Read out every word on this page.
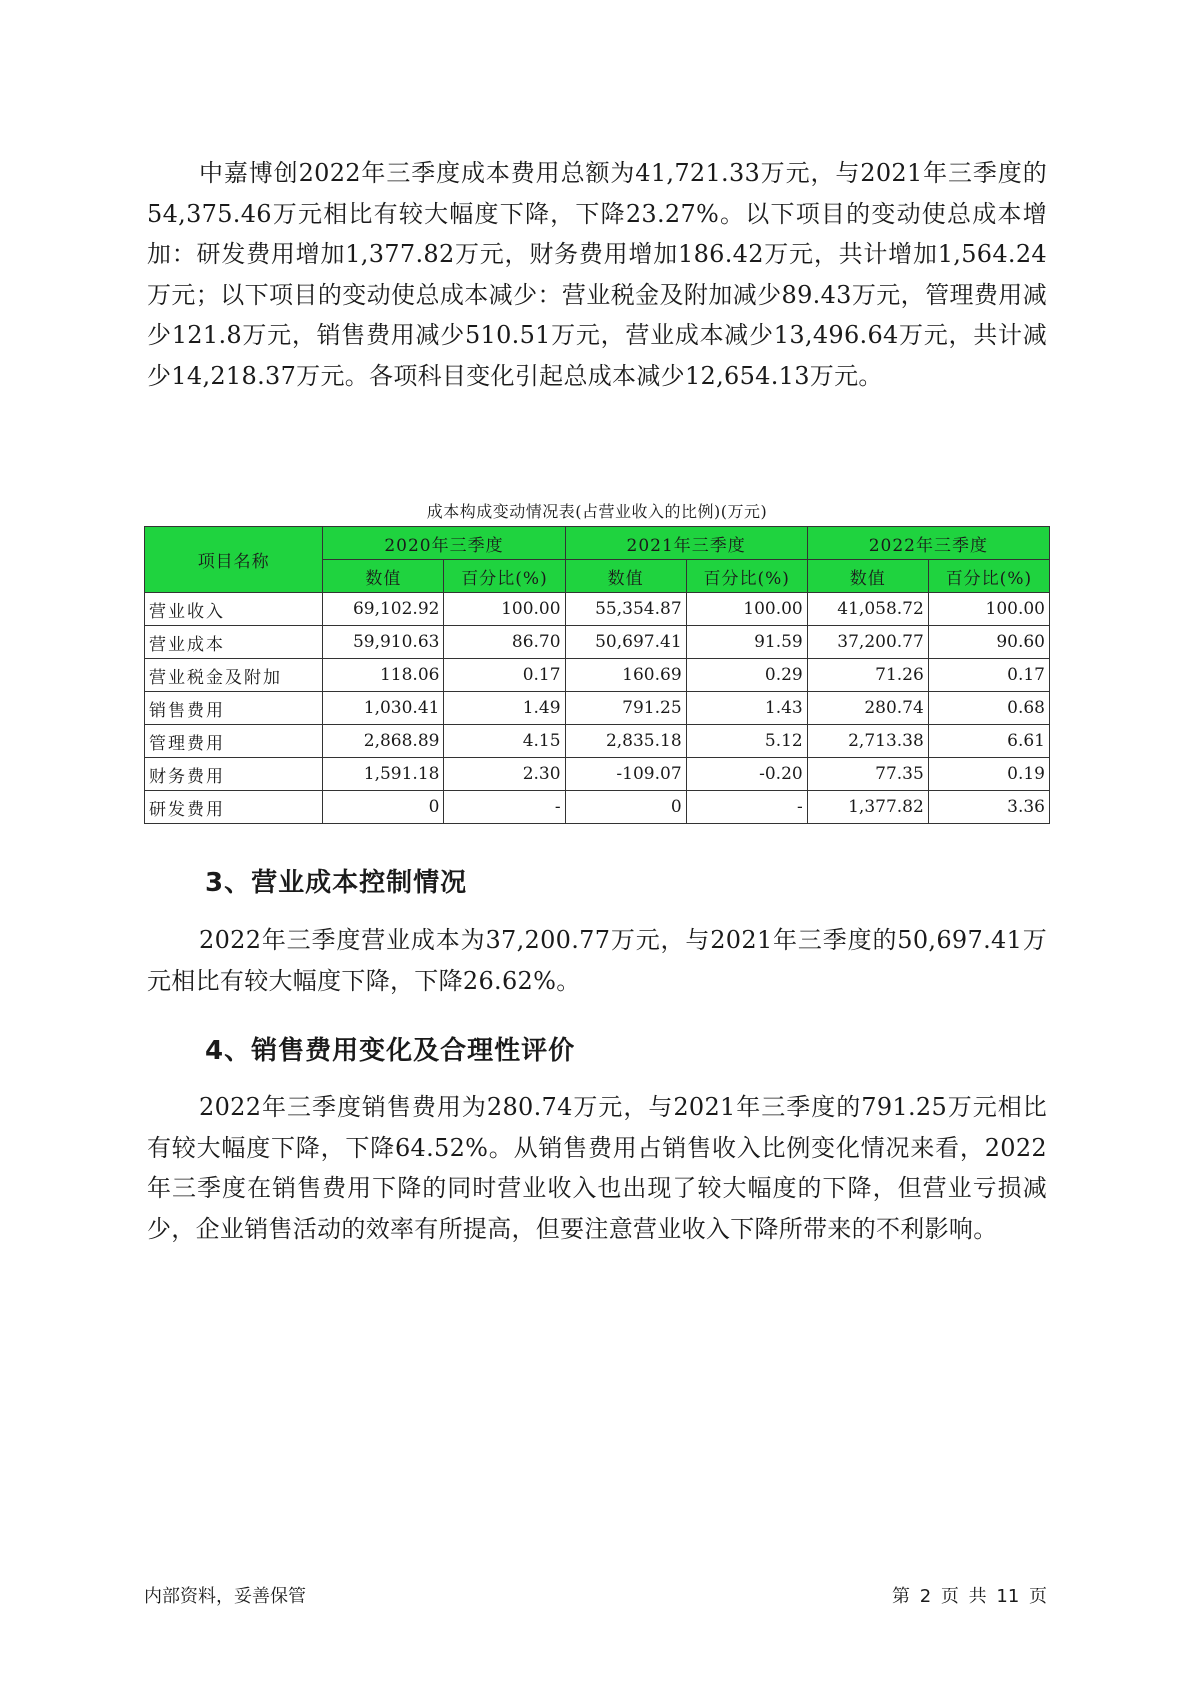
中嘉博创2022年三季度成本费用总额为41,721.33万元，与2021年三季度的54,375.46万元相比有较大幅度下降，下降23.27%。以下项目的变动使总成本增加：研发费用增加1,377.82万元，财务费用增加186.42万元，共计增加1,564.24万元；以下项目的变动使总成本减少：营业税金及附加减少89.43万元，管理费用减少121.8万元，销售费用减少510.51万元，营业成本减少13,496.64万元，共计减少14,218.37万元。各项科目变化引起总成本减少12,654.13万元。

成本构成变动情况表(占营业收入的比例)(万元)
项目名称	2020年三季度		2021年三季度		2022年三季度	
	数值	百分比(%)	数值	百分比(%)	数值	百分比(%)
营业收入	69,102.92	100.00	55,354.87	100.00	41,058.72	100.00
营业成本	59,910.63	86.70	50,697.41	91.59	37,200.77	90.60
营业税金及附加	118.06	0.17	160.69	0.29	71.26	0.17
销售费用	1,030.41	1.49	791.25	1.43	280.74	0.68
管理费用	2,868.89	4.15	2,835.18	5.12	2,713.38	6.61
财务费用	1,591.18	2.30	-109.07	-0.20	77.35	0.19
研发费用	0	-	0	-	1,377.82	3.36
3、营业成本控制情况

2022年三季度营业成本为37,200.77万元，与2021年三季度的50,697.41万元相比有较大幅度下降，下降26.62%。

4、销售费用变化及合理性评价

2022年三季度销售费用为280.74万元，与2021年三季度的791.25万元相比有较大幅度下降，下降64.52%。从销售费用占销售收入比例变化情况来看，2022年三季度在销售费用下降的同时营业收入也出现了较大幅度的下降，但营业亏损减少，企业销售活动的效率有所提高，但要注意营业收入下降所带来的不利影响。

内部资料，妥善保管	第 2 页 共 11 页
